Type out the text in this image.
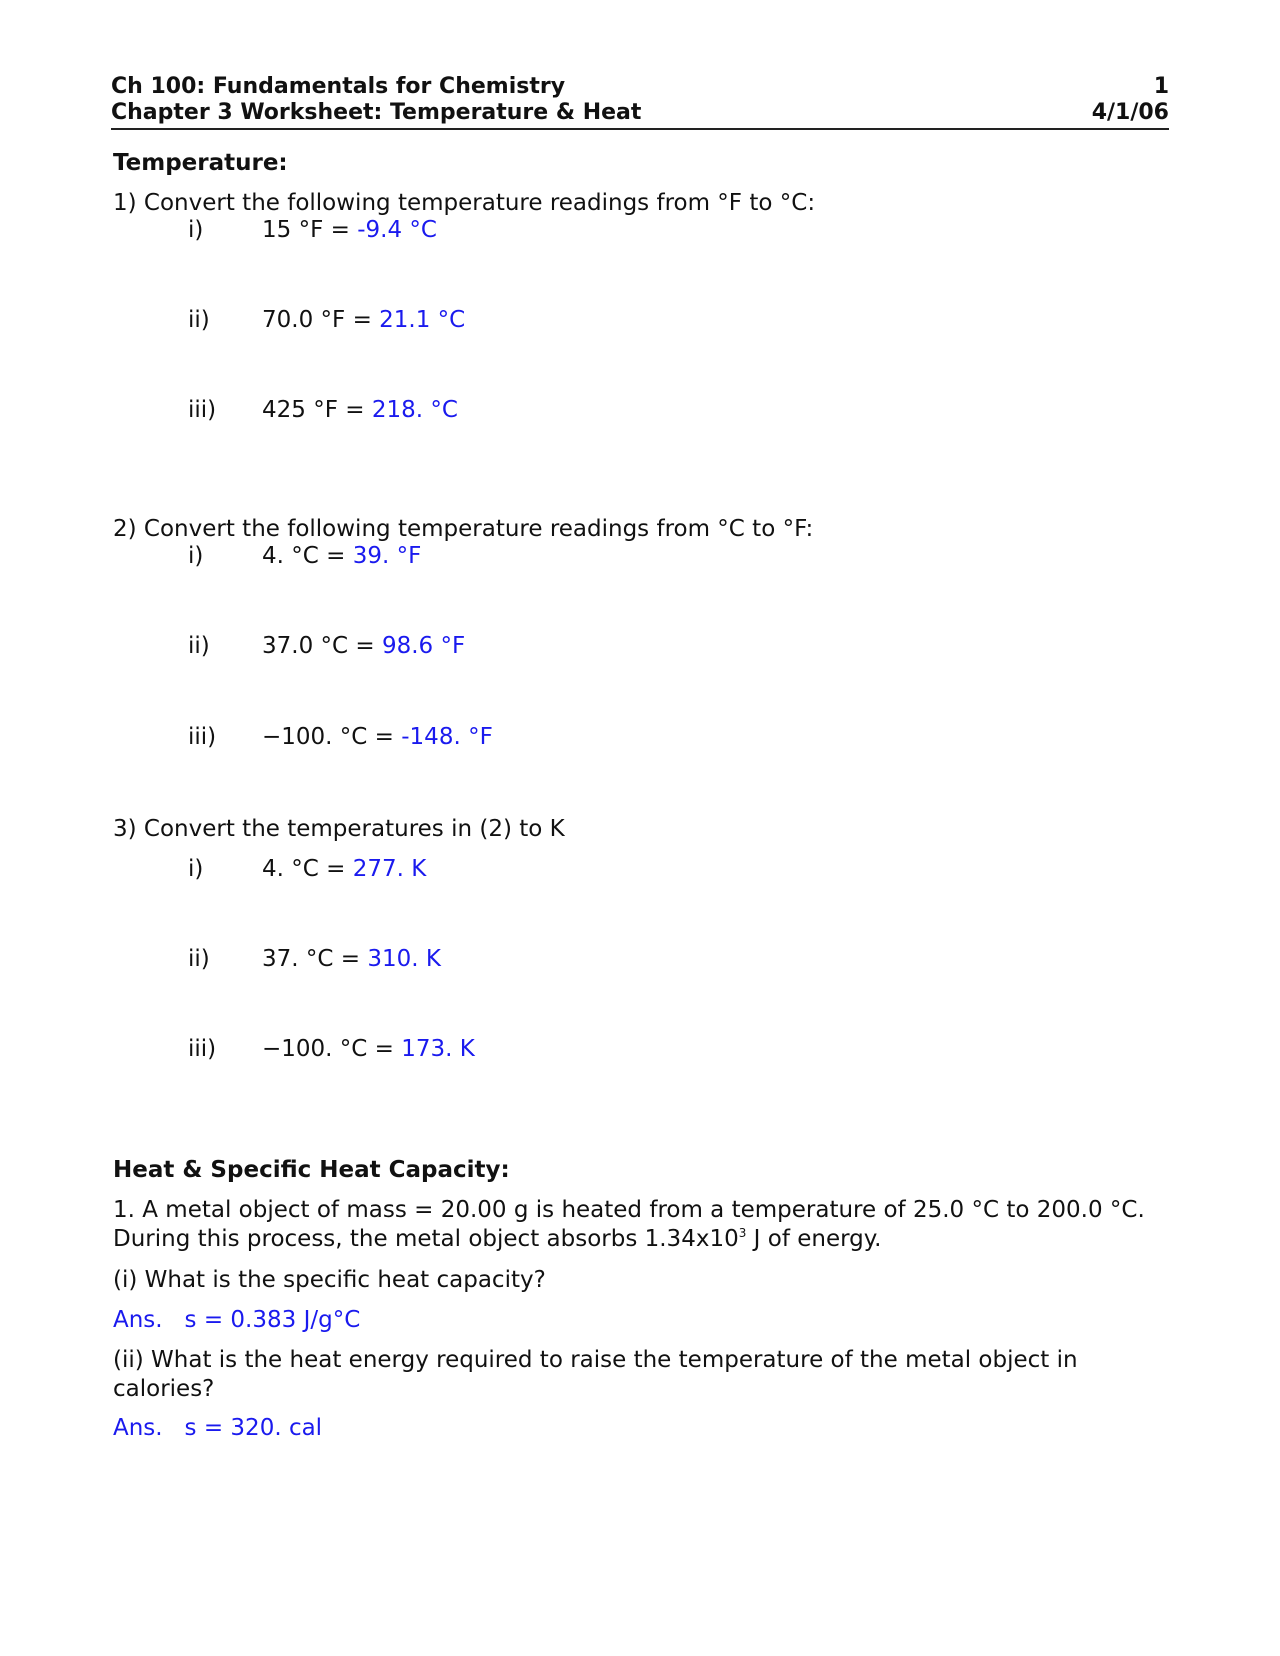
Ch 100: Fundamentals for Chemistry	1
Chapter 3 Worksheet: Temperature & Heat	4/1/06
Temperature:
1) Convert the following temperature readings from °F to °C:
i)	15 °F = -9.4 °C
ii) 70.0 °F = 21.1 °C
iii) 425 °F = 218. °C
2) Convert the following temperature readings from °C to °F:
i)	4. °C = 39. °F
ii) 37.0 °C = 98.6 °F
iii) −100. °C = -148. °F
3) Convert the temperatures in (2) to K
i)	4. °C = 277. K
ii) 37. °C = 310. K
iii) −100. °C = 173. K
Heat & Specific Heat Capacity:
1. A metal object of mass = 20.00 g is heated from a temperature of 25.0 °C to 200.0 °C.
During this process, the metal object absorbs $1.34x10^3$ J of energy.
(i) What is the specific heat capacity?
Ans. s = 0.383 J/g°C
(ii) What is the heat energy required to raise the temperature of the metal object in calories?
Ans. s = 320. cal
